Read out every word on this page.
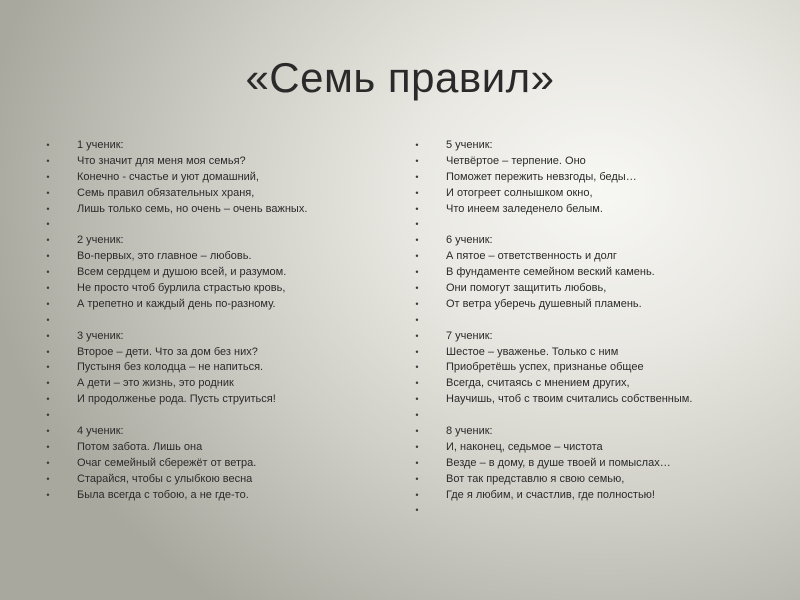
«Семь правил»
• 1 ученик:
• Что значит для меня моя семья?
• Конечно - счастье и уют домашний,
• Семь правил обязательных храня,
• Лишь только семь, но очень – очень важных.
•
• 2 ученик:
• Во-первых, это главное – любовь.
• Всем сердцем и душою всей, и разумом.
• Не просто чтоб бурлила страстью кровь,
• А трепетно и каждый день по-разному.
•
• 3 ученик:
• Второе – дети. Что за дом без них?
• Пустыня без колодца – не напиться.
• А дети – это жизнь, это родник
• И продолженье рода. Пусть струиться!
•
• 4 ученик:
• Потом забота. Лишь она
• Очаг семейный сбережёт от ветра.
• Старайся, чтобы с улыбкою весна
• Была всегда с тобою, а не где-то.
• 5 ученик:
• Четвёртое – терпение. Оно
• Поможет пережить невзгоды, беды…
• И отогреет солнышком окно,
• Что инеем заледенело белым.
•
• 6 ученик:
• А пятое – ответственность и долг
• В фундаменте семейном веский камень.
• Они помогут защитить любовь,
• От ветра уберечь душевный пламень.
•
• 7 ученик:
• Шестое – уваженье. Только с ним
• Приобретёшь успех, признанье общее
• Всегда, считаясь с мнением других,
• Научишь, чтоб с твоим считались собственным.
•
• 8 ученик:
• И, наконец, седьмое – чистота
• Везде – в дому, в душе твоей и помыслах…
• Вот так представлю я свою семью,
• Где я любим, и счастлив, где полностью!
•
